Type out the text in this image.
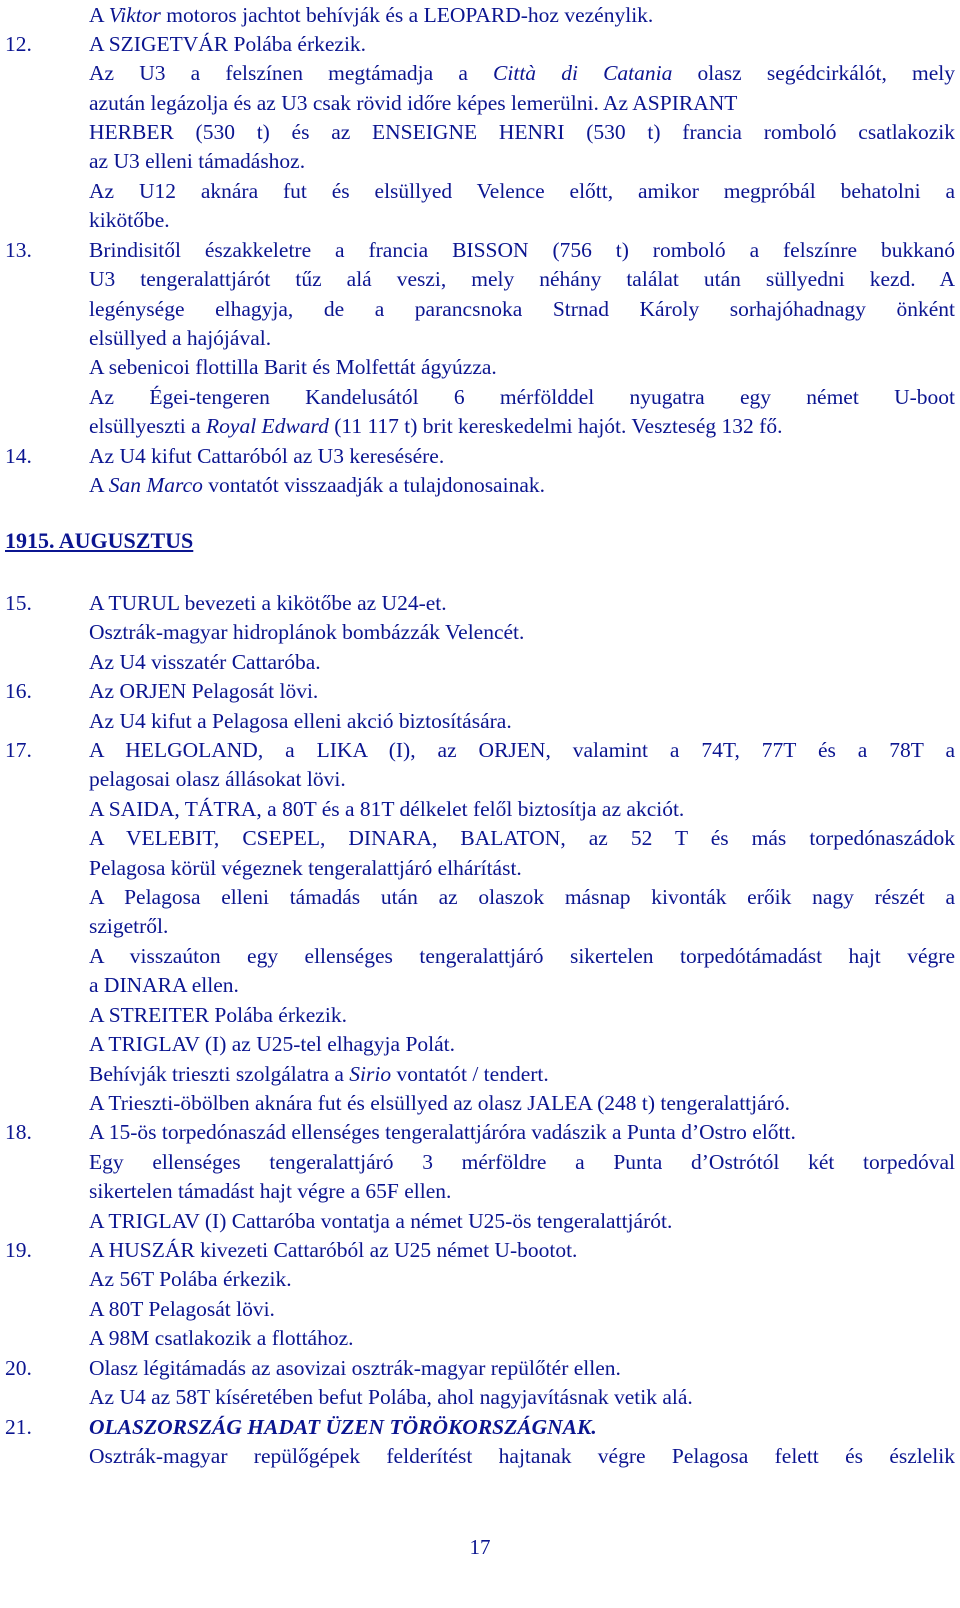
1915. AUGUSZTUS
A Viktor motoros jachtot behívják és a LEOPARD-hoz vezénylik.
12.	A SZIGETVÁR Polába érkezik.
Az U3 a felszínen megtámadja a Città di Catania olasz segédcirkálót, mely
azután legázolja és az U3 csak rövid időre képes lemerülni. Az ASPIRANT
HERBER (530 t) és az ENSEIGNE HENRI (530 t) francia romboló csatlakozik
az U3 elleni támadáshoz.
Az U12 aknára fut és elsüllyed Velence előtt, amikor megpróbál behatolni a
kikötőbe.
13.	Brindisitől északkeletre a francia BISSON (756 t) romboló a felszínre bukkanó
U3 tengeralattjárót tűz alá veszi, mely néhány találat után süllyedni kezd. A
legénysége elhagyja, de a parancsnoka Strnad Károly sorhajóhadnagy önként
elsüllyed a hajójával.
A sebenicoi flottilla Barit és Molfettát ágyúzza.
Az Égei-tengeren Kandelusától 6 mérfölddel nyugatra egy német U-boot
elsüllyeszti a Royal Edward (11 117 t) brit kereskedelmi hajót. Veszteség 132 fő.
14.	Az U4 kifut Cattaróból az U3 keresésére.
A San Marco vontatót visszaadják a tulajdonosainak.
15.	A TURUL bevezeti a kikötőbe az U24-et.
Osztrák-magyar hidroplánok bombázzák Velencét.
Az U4 visszatér Cattaróba.
16.	Az ORJEN Pelagosát lövi.
Az U4 kifut a Pelagosa elleni akció biztosítására.
17.	A HELGOLAND, a LIKA (I), az ORJEN, valamint a 74T, 77T és a 78T a
pelagosai olasz állásokat lövi.
A SAIDA, TÁTRA, a 80T és a 81T délkelet felől biztosítja az akciót.
A VELEBIT, CSEPEL, DINARA, BALATON, az 52 T és más torpedónaszádok
Pelagosa körül végeznek tengeralattjáró elhárítást.
A Pelagosa elleni támadás után az olaszok másnap kivonták erőik nagy részét a
szigetről.
A visszaúton egy ellenséges tengeralattjáró sikertelen torpedótámadást hajt végre
a DINARA ellen.
A STREITER Polába érkezik.
A TRIGLAV (I) az U25-tel elhagyja Polát.
Behívják trieszti szolgálatra a Sirio vontatót / tendert.
A Trieszti-öbölben aknára fut és elsüllyed az olasz JALEA (248 t) tengeralattjáró.
18.	A 15-ös torpedónaszád ellenséges tengeralattjáróra vadászik a Punta d’Ostro előtt.
Egy ellenséges tengeralattjáró 3 mérföldre a Punta d’Ostrótól két torpedóval
sikertelen támadást hajt végre a 65F ellen.
A TRIGLAV (I) Cattaróba vontatja a német U25-ös tengeralattjárót.
19.	A HUSZÁR kivezeti Cattaróból az U25 német U-bootot.
Az 56T Polába érkezik.
A 80T Pelagosát lövi.
A 98M csatlakozik a flottához.
20.	Olasz légitámadás az asovizai osztrák-magyar repülőtér ellen.
Az U4 az 58T kíséretében befut Polába, ahol nagyjavításnak vetik alá.
21.	OLASZORSZÁG HADAT ÜZEN TÖRÖKORSZÁGNAK.
Osztrák-magyar repülőgépek felderítést hajtanak végre Pelagosa felett és észlelik
17
